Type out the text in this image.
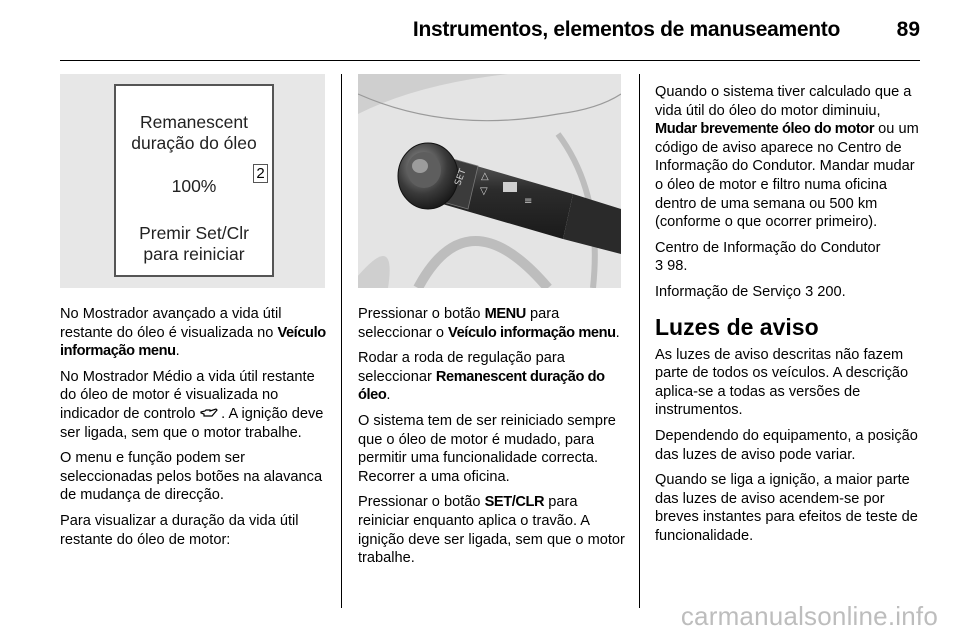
Instrumentos, elementos de manuseamento	89
Remanescent
duração do óleo
2
100%
Premir Set/Clr
para reiniciar
SET
▽
△
≡

No Mostrador avançado a vida útil restante do óleo é visualizada no Veículo informação menu.

No Mostrador Médio a vida útil restante do óleo de motor é visualizada no indicador de controlo  . A ignição deve ser ligada, sem que o motor trabalhe.

O menu e função podem ser seleccionadas pelos botões na alavanca de mudança de direcção.

Para visualizar a duração da vida útil restante do óleo de motor:

Pressionar o botão MENU para seleccionar o Veículo informação menu.

Rodar a roda de regulação para seleccionar Remanescent duração do óleo.

O sistema tem de ser reiniciado sempre que o óleo de motor é mudado, para permitir uma funcionalidade correcta. Recorrer a uma oficina.

Pressionar o botão SET/CLR para reiniciar enquanto aplica o travão. A ignição deve ser ligada, sem que o motor trabalhe.

Quando o sistema tiver calculado que a vida útil do óleo do motor diminuiu, Mudar brevemente óleo do motor ou um código de aviso aparece no Centro de Informação do Condutor. Mandar mudar o óleo de motor e filtro numa oficina dentro de uma semana ou 500 km (conforme o que ocorrer primeiro).

Centro de Informação do Condutor
3 98.

Informação de Serviço 3 200.

Luzes de aviso

As luzes de aviso descritas não fazem parte de todos os veículos. A descrição aplica-se a todas as versões de instrumentos.

Dependendo do equipamento, a posição das luzes de aviso pode variar.

Quando se liga a ignição, a maior parte das luzes de aviso acendem-se por breves instantes para efeitos de teste de funcionalidade.

carmanualsonline.info
